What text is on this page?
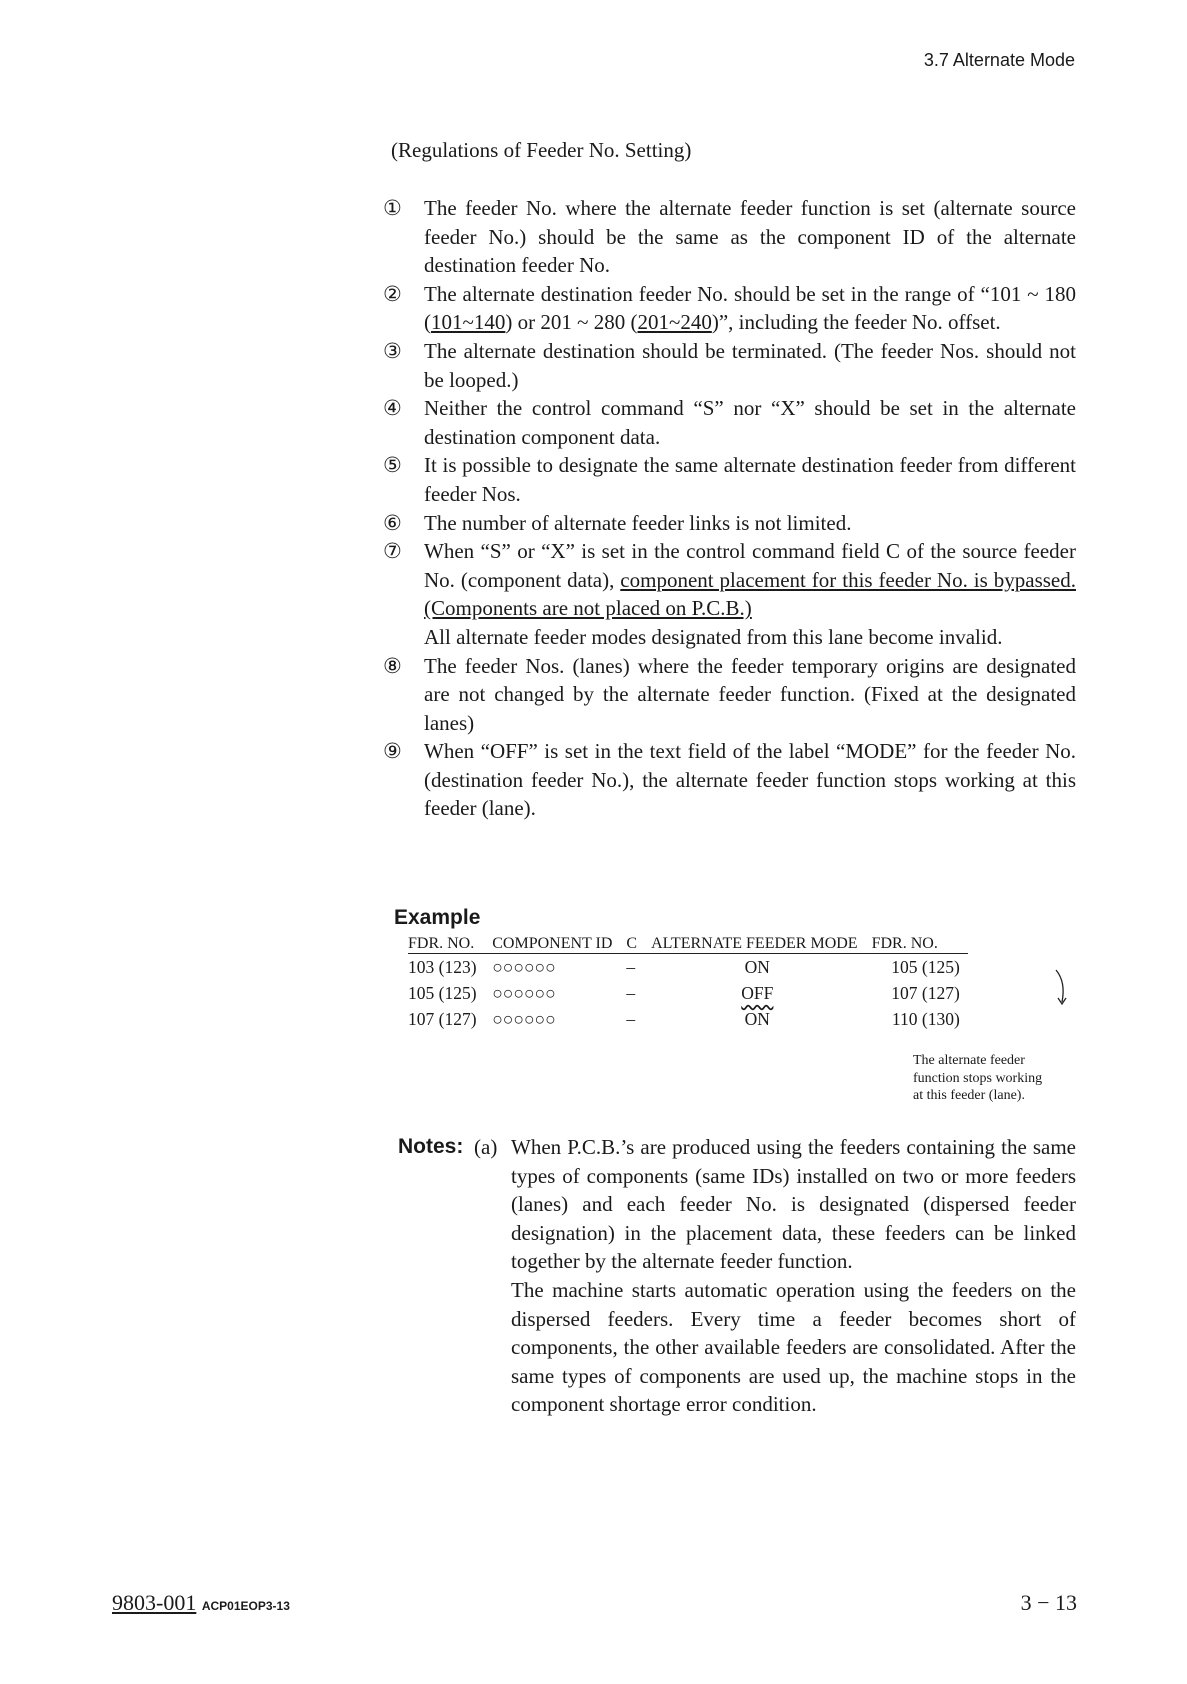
3.7 Alternate Mode
(Regulations of Feeder No. Setting)
①	The feeder No. where the alternate feeder function is set (alternate source feeder No.) should be the same as the component ID of the alternate destination feeder No.
②	The alternate destination feeder No. should be set in the range of “101 ~ 180 (101~140) or 201 ~ 280 (201~240)”, including the feeder No. offset.
③	The alternate destination should be terminated. (The feeder Nos. should not be looped.)
④	Neither the control command “S” nor “X” should be set in the alternate destination component data.
⑤	It is possible to designate the same alternate destination feeder from different feeder Nos.
⑥	The number of alternate feeder links is not limited.
⑦	When “S” or “X” is set in the control command field C of the source feeder No. (component data), component placement for this feeder No. is bypassed. (Components are not placed on P.C.B.)
All alternate feeder modes designated from this lane become invalid.
⑧	The feeder Nos. (lanes) where the feeder temporary origins are designated are not changed by the alternate feeder function. (Fixed at the designated lanes)
⑨	When “OFF” is set in the text field of the label “MODE” for the feeder No. (destination feeder No.), the alternate feeder function stops working at this feeder (lane).
Example
FDR. NO.	COMPONENT ID	C	ALTERNATE FEEDER MODE	FDR. NO.
103 (123)	○○○○○○	–	ON	105 (125)
105 (125)	○○○○○○	–	OFF	107 (127)
107 (127)	○○○○○○	–	ON	110 (130)
The alternate feeder
function stops working
at this feeder (lane).
Notes: (a) When P.C.B.’s are produced using the feeders containing the same types of components (same IDs) installed on two or more feeders (lanes) and each feeder No. is designated (dispersed feeder designation) in the placement data, these feeders can be linked together by the alternate feeder function.
The machine starts automatic operation using the feeders on the dispersed feeders. Every time a feeder becomes short of components, the other available feeders are consolidated. After the same types of components are used up, the machine stops in the component shortage error condition.
9803-001 ACP01EOP3-13	3 − 13
